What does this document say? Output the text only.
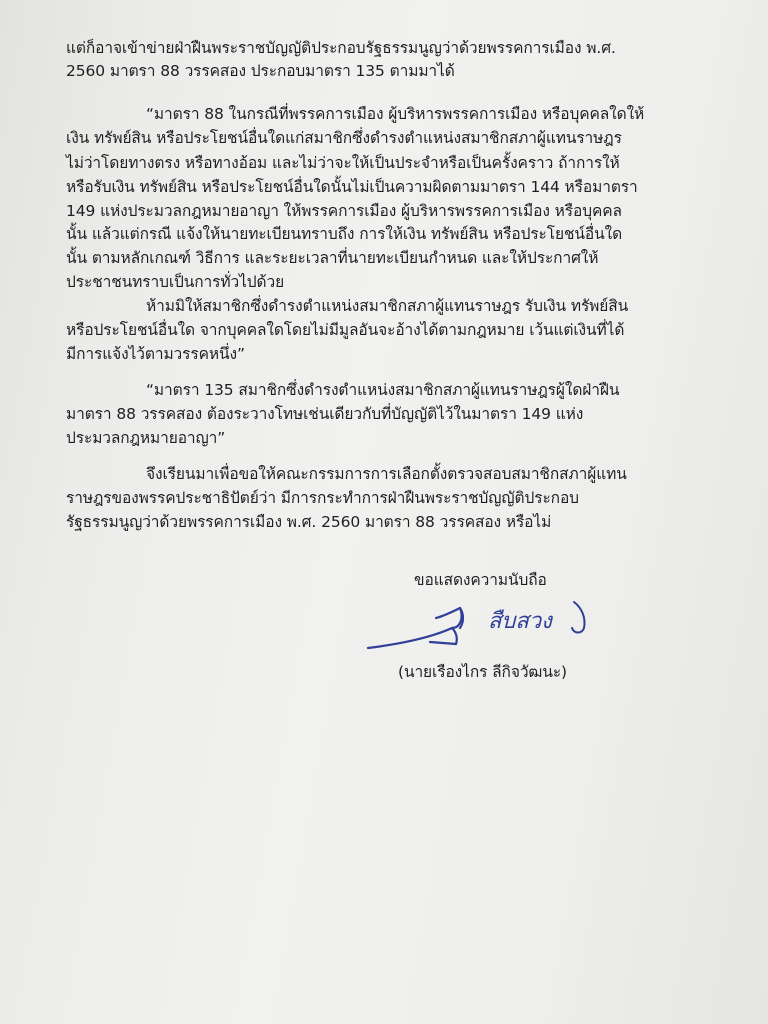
แต่ก็อาจเข้าข่ายฝ่าฝืนพระราชบัญญัติประกอบรัฐธรรมนูญว่าด้วยพรรคการเมือง พ.ศ.
2560 มาตรา 88 วรรคสอง ประกอบมาตรา 135 ตามมาได้
“มาตรา 88 ในกรณีที่พรรคการเมือง ผู้บริหารพรรคการเมือง หรือบุคคลใดให้
เงิน ทรัพย์สิน หรือประโยชน์อื่นใดแก่สมาชิกซึ่งดำรงตำแหน่งสมาชิกสภาผู้แทนราษฎร
ไม่ว่าโดยทางตรง หรือทางอ้อม และไม่ว่าจะให้เป็นประจำหรือเป็นครั้งคราว ถ้าการให้
หรือรับเงิน ทรัพย์สิน หรือประโยชน์อื่นใดนั้นไม่เป็นความผิดตามมาตรา 144 หรือมาตรา
149 แห่งประมวลกฎหมายอาญา ให้พรรคการเมือง ผู้บริหารพรรคการเมือง หรือบุคคล
นั้น แล้วแต่กรณี แจ้งให้นายทะเบียนทราบถึง การให้เงิน ทรัพย์สิน หรือประโยชน์อื่นใด
นั้น ตามหลักเกณฑ์ วิธีการ และระยะเวลาที่นายทะเบียนกำหนด และให้ประกาศให้
ประชาชนทราบเป็นการทั่วไปด้วย
ห้ามมิให้สมาชิกซึ่งดำรงตำแหน่งสมาชิกสภาผู้แทนราษฎร รับเงิน ทรัพย์สิน
หรือประโยชน์อื่นใด จากบุคคลใดโดยไม่มีมูลอันจะอ้างได้ตามกฎหมาย เว้นแต่เงินที่ได้
มีการแจ้งไว้ตามวรรคหนึ่ง”
“มาตรา 135 สมาชิกซึ่งดำรงตำแหน่งสมาชิกสภาผู้แทนราษฎรผู้ใดฝ่าฝืน
มาตรา 88 วรรคสอง ต้องระวางโทษเช่นเดียวกับที่บัญญัติไว้ในมาตรา 149 แห่ง
ประมวลกฎหมายอาญา”
จึงเรียนมาเพื่อขอให้คณะกรรมการการเลือกตั้งตรวจสอบสมาชิกสภาผู้แทน
ราษฎรของพรรคประชาธิปัตย์ว่า มีการกระทำการฝ่าฝืนพระราชบัญญัติประกอบ
รัฐธรรมนูญว่าด้วยพรรคการเมือง พ.ศ. 2560 มาตรา 88 วรรคสอง หรือไม่
ขอแสดงความนับถือ
สืบสวง
(นายเรืองไกร ลีกิจวัฒนะ)
